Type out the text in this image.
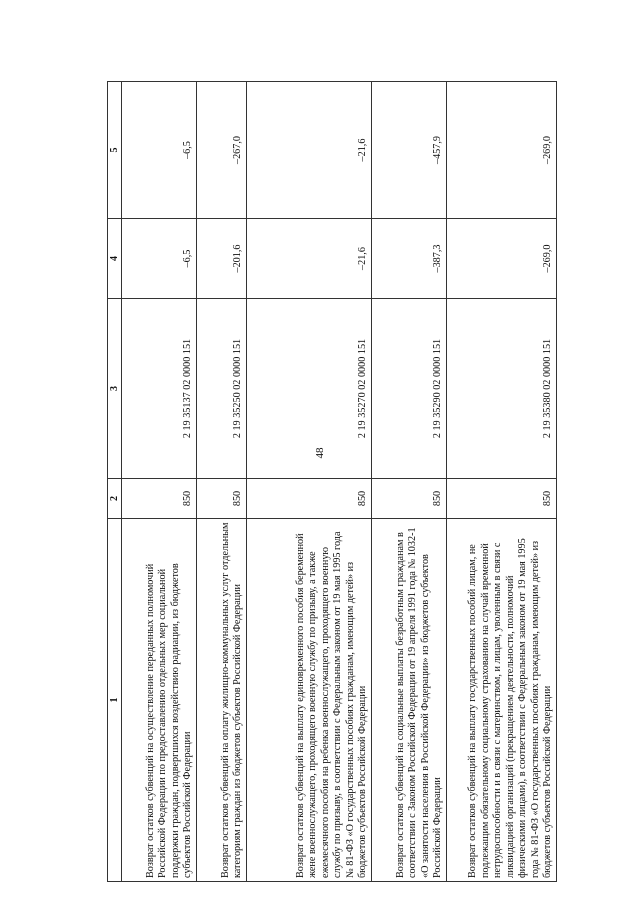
48
1	2	3	4	5
Возврат остатков субвенций на осуществление переданных полномочий Российской Федерации по предоставлению отдельных мер социальной поддержки граждан, подвергшихся воздействию радиации, из бюджетов субъектов Российской Федерации	850	2 19 35137 02 0000 151	–6,5	–6,5
Возврат остатков субвенций на оплату жилищно-коммунальных услуг отдельным категориям граждан из бюджетов субъектов Российской Федерации	850	2 19 35250 02 0000 151	–201,6	–267,0
Возврат остатков субвенций на выплату единовременного пособия беременной жене военнослужащего, проходящего военную службу по призыву, а также ежемесячного пособия на ребенка военнослужащего, проходящего военную службу по призыву, в соответствии с Федеральным законом от 19 мая 1995 года № 81-ФЗ «О государственных пособиях гражданам, имеющим детей» из бюджетов субъектов Российской Федерации	850	2 19 35270 02 0000 151	–21,6	–21,6
Возврат остатков субвенций на социальные выплаты безработным гражданам в соответствии с Законом Российской Федерации от 19 апреля 1991 года № 1032-1 «О занятости населения в Российской Федерации» из бюджетов субъектов Российской Федерации	850	2 19 35290 02 0000 151	–387,3	–457,9
Возврат остатков субвенций на выплату государственных пособий лицам, не подлежащим обязательному социальному страхованию на случай временной нетрудоспособности и в связи с материнством, и лицам, уволенным в связи с ликвидацией организаций (прекращением деятельности, полномочий физическими лицами), в соответствии с Федеральным законом от 19 мая 1995 года № 81-ФЗ «О государственных пособиях гражданам, имеющим детей» из бюджетов субъектов Российской Федерации	850	2 19 35380 02 0000 151	–269,0	–269,0
